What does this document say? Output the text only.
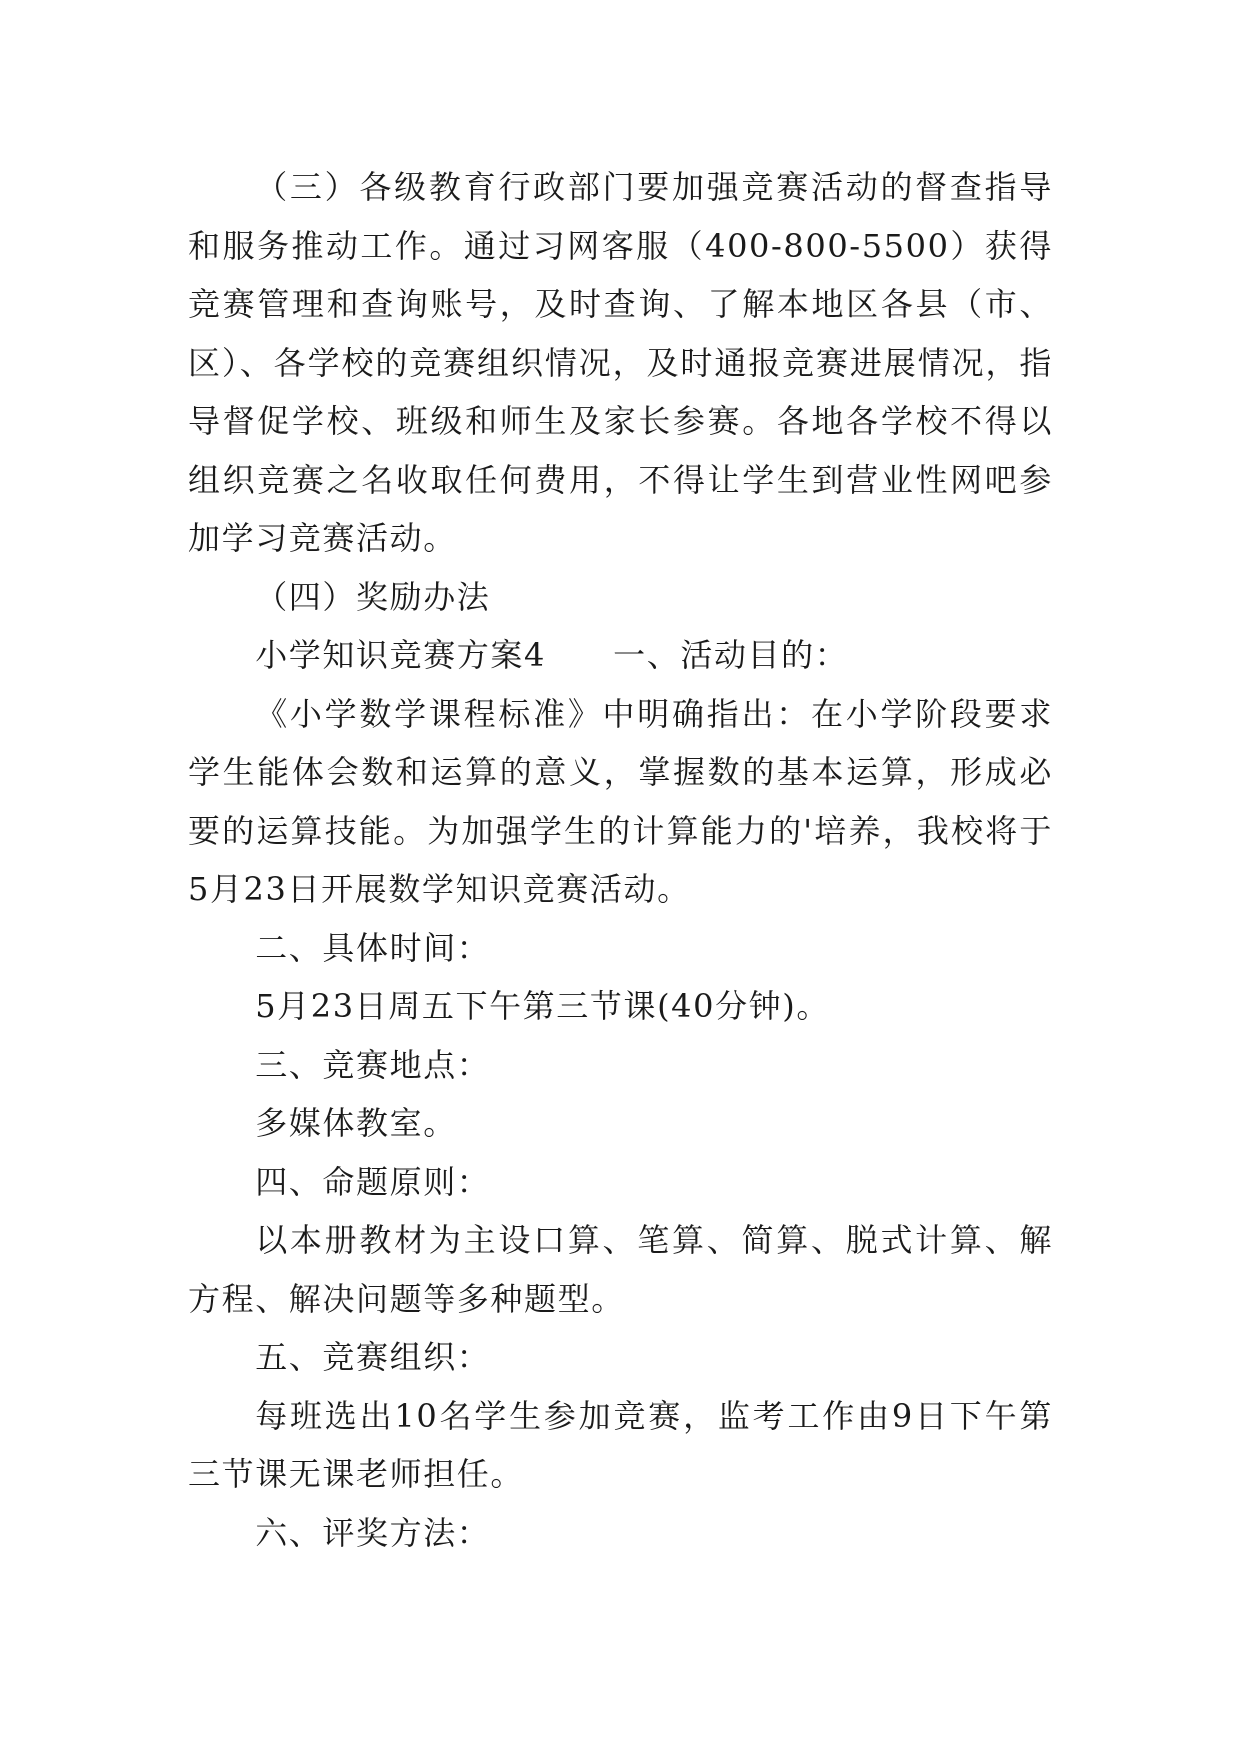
（三）各级教育行政部门要加强竞赛活动的督查指导和服务推动工作。通过习网客服（400-800-5500）获得竞赛管理和查询账号，及时查询、了解本地区各县（市、区）、各学校的竞赛组织情况，及时通报竞赛进展情况，指导督促学校、班级和师生及家长参赛。各地各学校不得以组织竞赛之名收取任何费用，不得让学生到营业性网吧参加学习竞赛活动。

（四）奖励办法

小学知识竞赛方案4　　一、活动目的：

《小学数学课程标准》中明确指出：在小学阶段要求学生能体会数和运算的意义，掌握数的基本运算，形成必要的运算技能。为加强学生的计算能力的'培养，我校将于5月23日开展数学知识竞赛活动。

二、具体时间：

5月23日周五下午第三节课(40分钟)。

三、竞赛地点：

多媒体教室。

四、命题原则：

以本册教材为主设口算、笔算、简算、脱式计算、解方程、解决问题等多种题型。

五、竞赛组织：

每班选出10名学生参加竞赛，监考工作由9日下午第三节课无课老师担任。

六、评奖方法：
